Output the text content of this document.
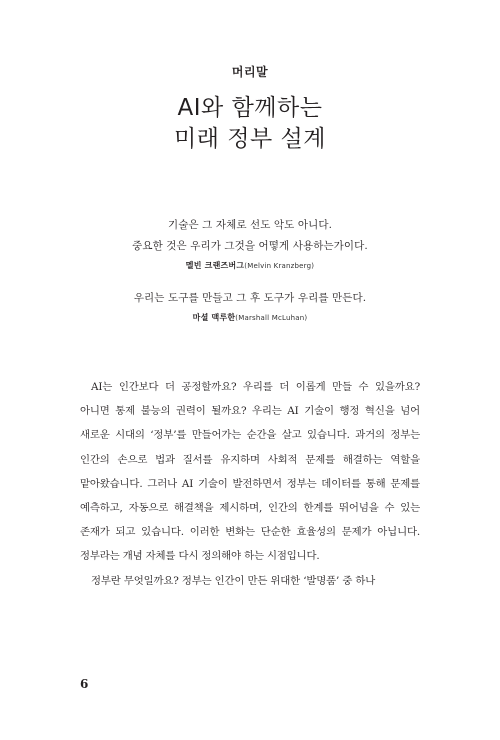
머리말
AI와 함께하는
미래 정부 설계
기술은 그 자체로 선도 악도 아니다.
중요한 것은 우리가 그것을 어떻게 사용하는가이다.
멜빈 크랜즈버그(Melvin Kranzberg)
우리는 도구를 만들고 그 후 도구가 우리를 만든다.
마셜 맥루한(Marshall McLuhan)

AI는 인간보다 더 공정할까요? 우리를 더 이롭게 만들 수 있을까요? 아니면 통제 불능의 권력이 될까요? 우리는 AI 기술이 행정 혁신을 넘어 새로운 시대의 ‘정부’를 만들어가는 순간을 살고 있습니다. 과거의 정부는 인간의 손으로 법과 질서를 유지하며 사회적 문제를 해결하는 역할을 맡아왔습니다. 그러나 AI 기술이 발전하면서 정부는 데이터를 통해 문제를 예측하고, 자동으로 해결책을 제시하며, 인간의 한계를 뛰어넘을 수 있는 존재가 되고 있습니다. 이러한 변화는 단순한 효율성의 문제가 아닙니다. 정부라는 개념 자체를 다시 정의해야 하는 시점입니다.

정부란 무엇일까요? 정부는 인간이 만든 위대한 ‘발명품’ 중 하나

6
